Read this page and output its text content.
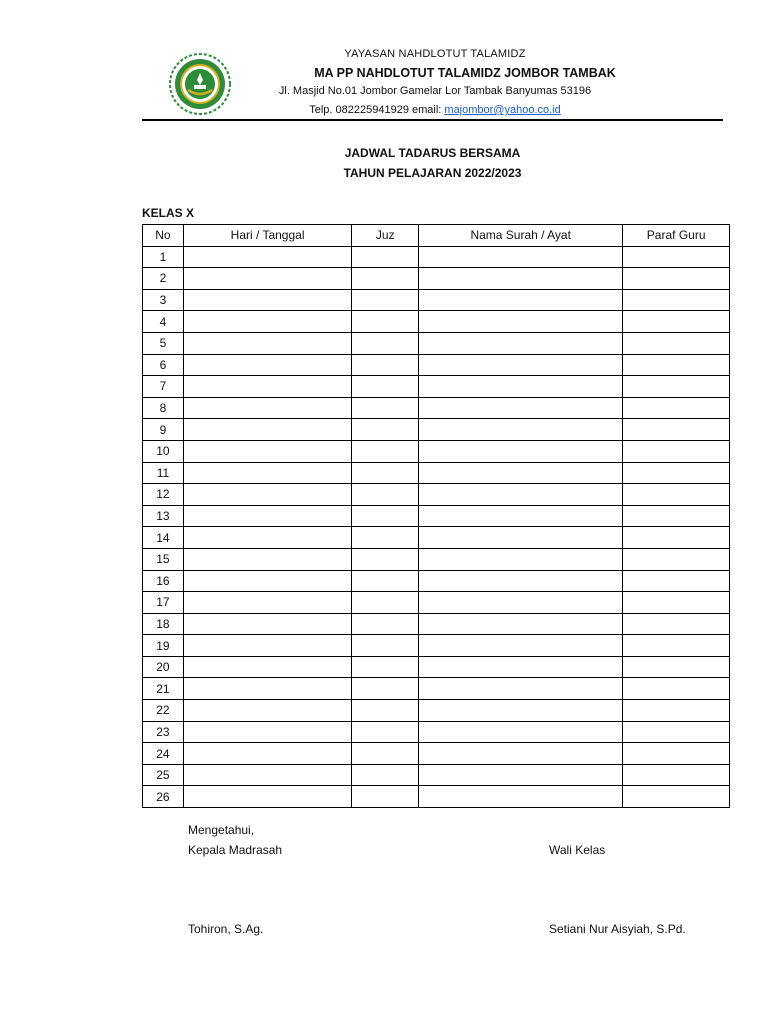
YAYASAN NAHDLOTUT TALAMIDZ
MA PP NAHDLOTUT TALAMIDZ JOMBOR TAMBAK
Jl. Masjid No.01 Jombor Gamelar Lor Tambak Banyumas 53196
Telp. 082225941929 email: majombor@yahoo.co.id
JADWAL TADARUS BERSAMA
TAHUN PELAJARAN 2022/2023
KELAS X
No	Hari / Tanggal	Juz	Nama Surah / Ayat	Paraf Guru
1				
2				
3				
4				
5				
6				
7				
8				
9				
10				
11				
12				
13				
14				
15				
16				
17				
18				
19				
20				
21				
22				
23				
24				
25				
26				
Mengetahui,
Kepala Madrasah	Wali Kelas
Tohiron, S.Ag.	Setiani Nur Aisyiah, S.Pd.
